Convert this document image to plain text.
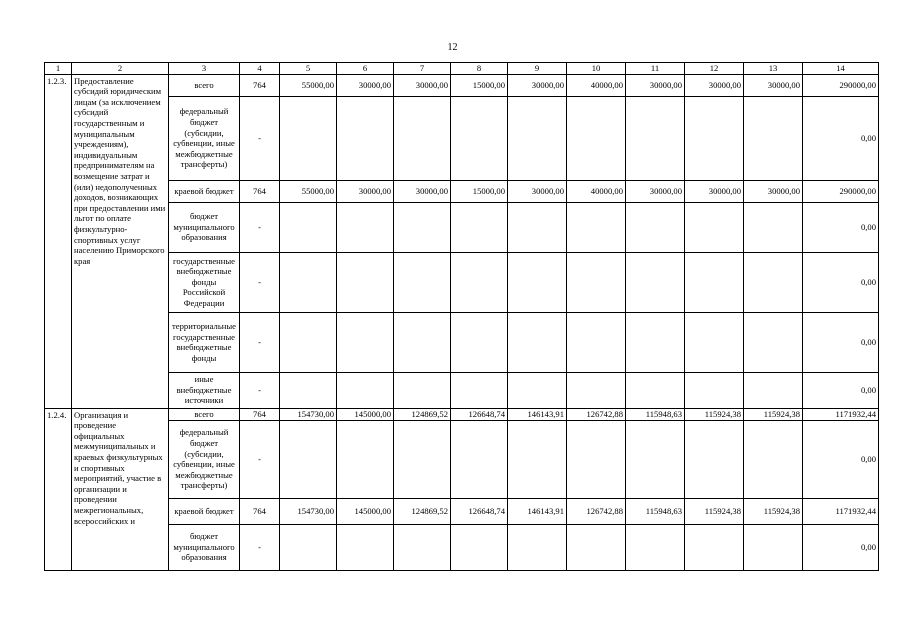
12
1	2	3	4	5	6	7	8	9	10	11	12	13	14
1.2.3.	Предоставление субсидий юридическим лицам (за исключением субсидий государственным и муниципальным учреждениям), индивидуальным предпринимателям на возмещение затрат и (или) недополученных доходов, возникающих при предоставлении ими льгот по оплате физкультурно-спортивных услуг населению Приморского края	всего	764	55000,00	30000,00	30000,00	15000,00	30000,00	40000,00	30000,00	30000,00	30000,00	290000,00
		федеральный бюджет (субсидии, субвенции, иные межбюджетные трансферты)	-										0,00
		краевой бюджет	764	55000,00	30000,00	30000,00	15000,00	30000,00	40000,00	30000,00	30000,00	30000,00	290000,00
		бюджет муниципального образования	-										0,00
		государственные внебюджетные фонды Российской Федерации	-										0,00
		территориальные государственные внебюджетные фонды	-										0,00
		иные внебюджетные источники	-										0,00
1.2.4.	Организация и проведение официальных межмуниципальных и краевых физкультурных и спортивных мероприятий, участие в организации и проведении межрегиональных, всероссийских и	всего	764	154730,00	145000,00	124869,52	126648,74	146143,91	126742,88	115948,63	115924,38	115924,38	1171932,44
		федеральный бюджет (субсидии, субвенции, иные межбюджетные трансферты)	-										0,00
		краевой бюджет	764	154730,00	145000,00	124869,52	126648,74	146143,91	126742,88	115948,63	115924,38	115924,38	1171932,44
		бюджет муниципального образования	-										0,00
